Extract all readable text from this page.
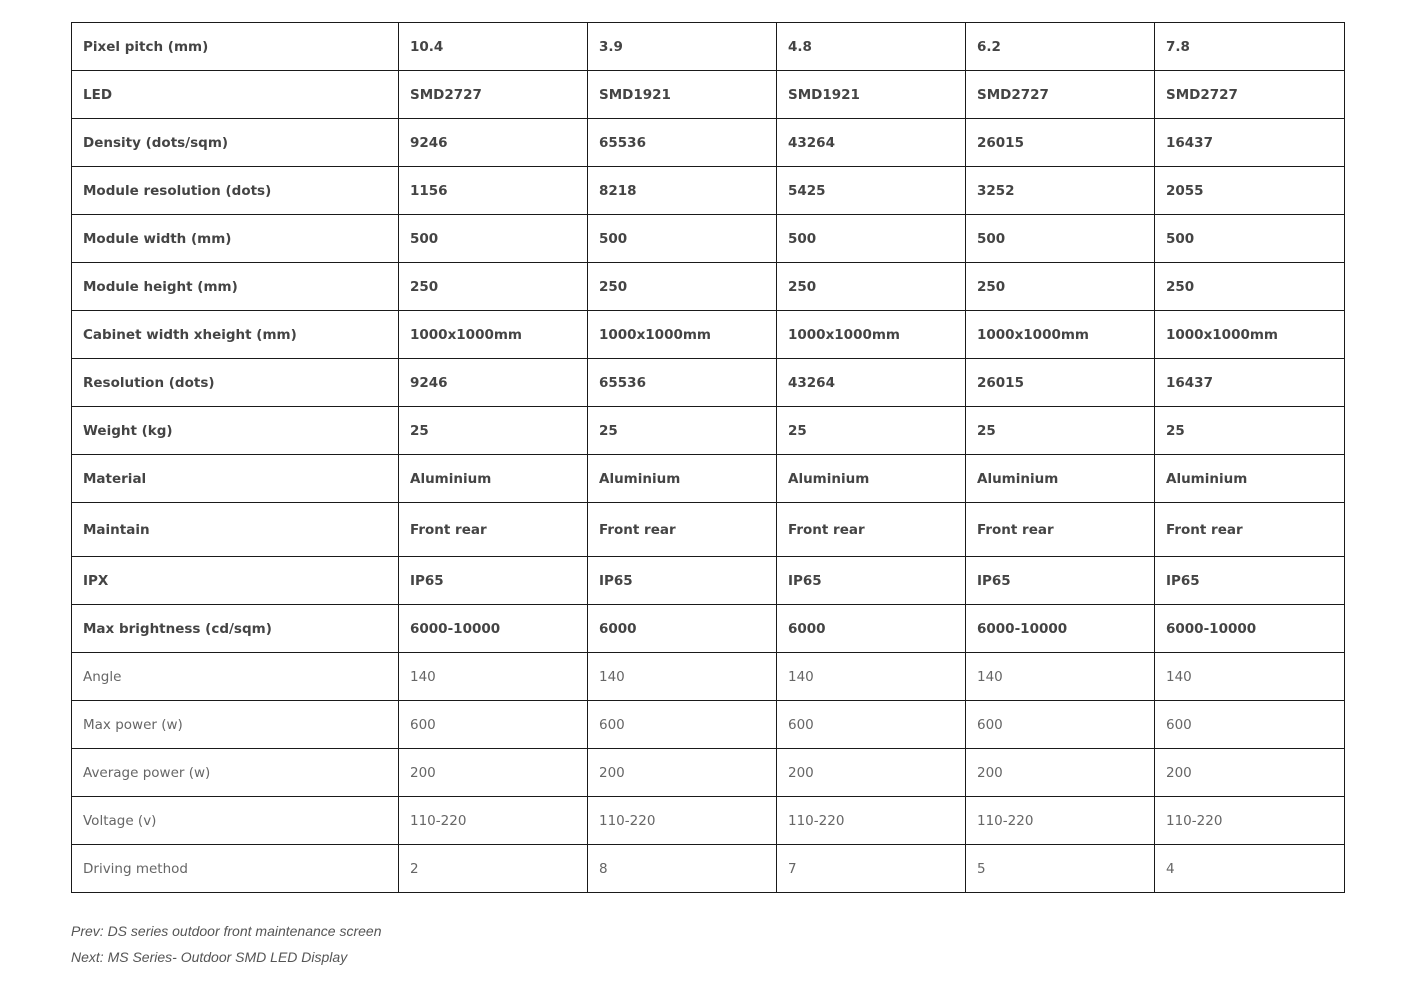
Pixel pitch (mm)	10.4	3.9	4.8	6.2	7.8
LED	SMD2727	SMD1921	SMD1921	SMD2727	SMD2727
Density (dots/sqm)	9246	65536	43264	26015	16437
Module resolution (dots)	1156	8218	5425	3252	2055
Module width (mm)	500	500	500	500	500
Module height (mm)	250	250	250	250	250
Cabinet width xheight (mm)	1000x1000mm	1000x1000mm	1000x1000mm	1000x1000mm	1000x1000mm
Resolution (dots)	9246	65536	43264	26015	16437
Weight (kg)	25	25	25	25	25
Material	Aluminium	Aluminium	Aluminium	Aluminium	Aluminium
Maintain	Front rear	Front rear	Front rear	Front rear	Front rear
IPX	IP65	IP65	IP65	IP65	IP65
Max brightness (cd/sqm)	6000-10000	6000	6000	6000-10000	6000-10000
Angle	140	140	140	140	140
Max power (w)	600	600	600	600	600
Average power (w)	200	200	200	200	200
Voltage (v)	110-220	110-220	110-220	110-220	110-220
Driving method	2	8	7	5	4
Prev: DS series outdoor front maintenance screen
Next: MS Series- Outdoor SMD LED Display
